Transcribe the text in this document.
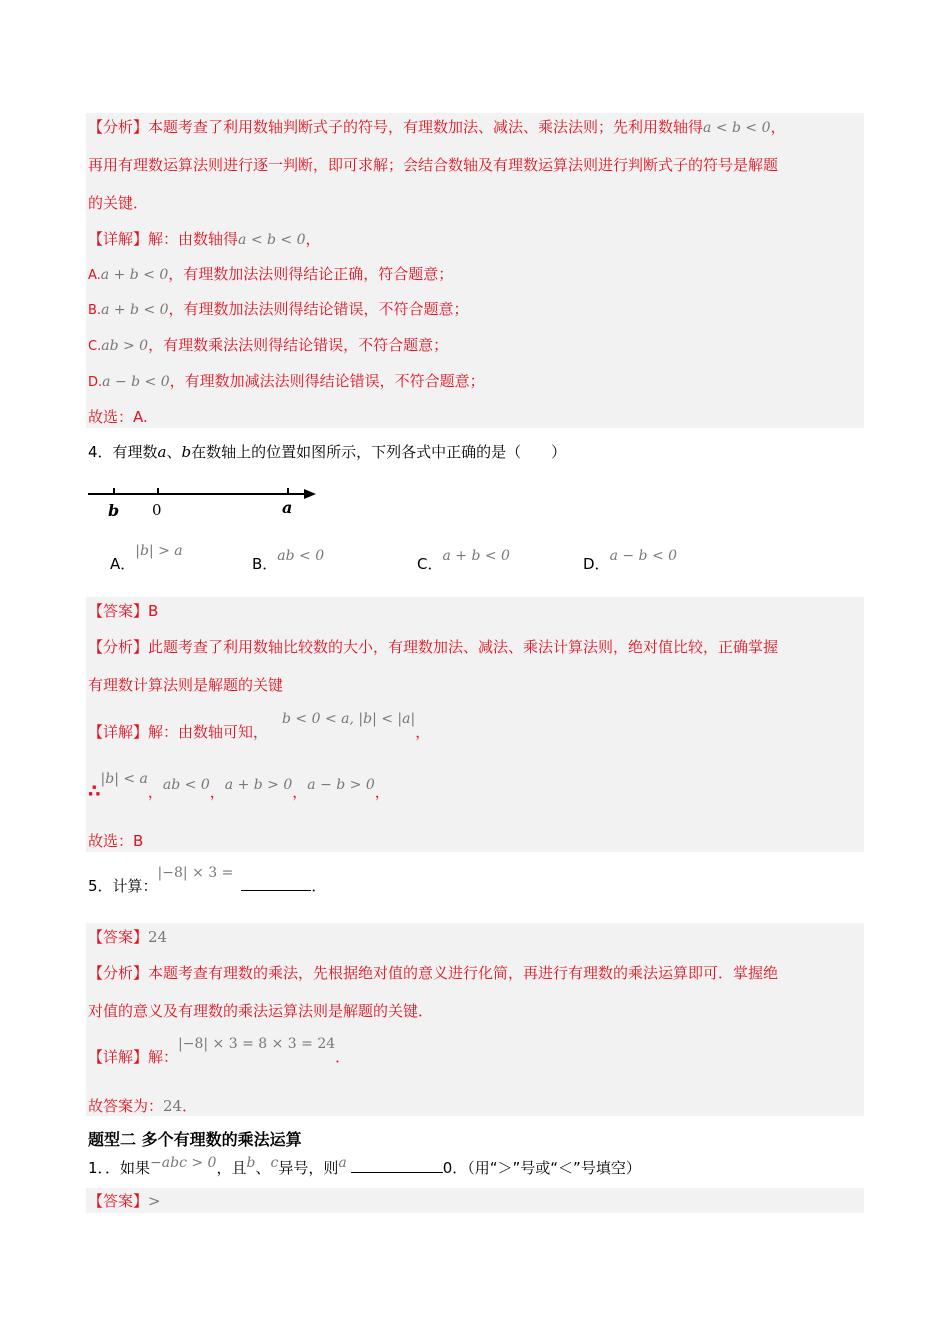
【分析】本题考查了利用数轴判断式子的符号，有理数加法、减法、乘法法则；先利用数轴得a < b < 0，
再用有理数运算法则进行逐一判断，即可求解；会结合数轴及有理数运算法则进行判断式子的符号是解题
的关键．
【详解】解：由数轴得a < b < 0，
A.a + b < 0，有理数加法法则得结论正确，符合题意；
B.a + b < 0，有理数加法法则得结论错误，不符合题意；
C.ab > 0，有理数乘法法则得结论错误，不符合题意；
D.a − b < 0，有理数加减法法则得结论错误，不符合题意；
故选：A.
4．有理数a、b在数轴上的位置如图所示，下列各式中正确的是（　　）
b 0	a
A．|b| > a
B．ab < 0	C．a + b < 0	D．a − b < 0
【答案】B
【分析】此题考查了利用数轴比较数的大小，有理数加法、减法、乘法计算法则，绝对值比较，正确掌握
有理数计算法则是解题的关键
【详解】解：由数轴可知，b < 0 < a, |b| < |a|，
∴|b| < a，ab < 0，a + b > 0，a − b > 0，
故选：B
5．计算：|−8| × 3 =．
【答案】24
【分析】本题考查有理数的乘法，先根据绝对值的意义进行化简，再进行有理数的乘法运算即可．掌握绝
对值的意义及有理数的乘法运算法则是解题的关键．
【详解】解：|−8| × 3 = 8 × 3 = 24．
故答案为：24．
题型二 多个有理数的乘法运算
1．．如果−abc > 0，且b、c异号，则a	0．（用“＞”号或“＜”号填空）
【答案】>
